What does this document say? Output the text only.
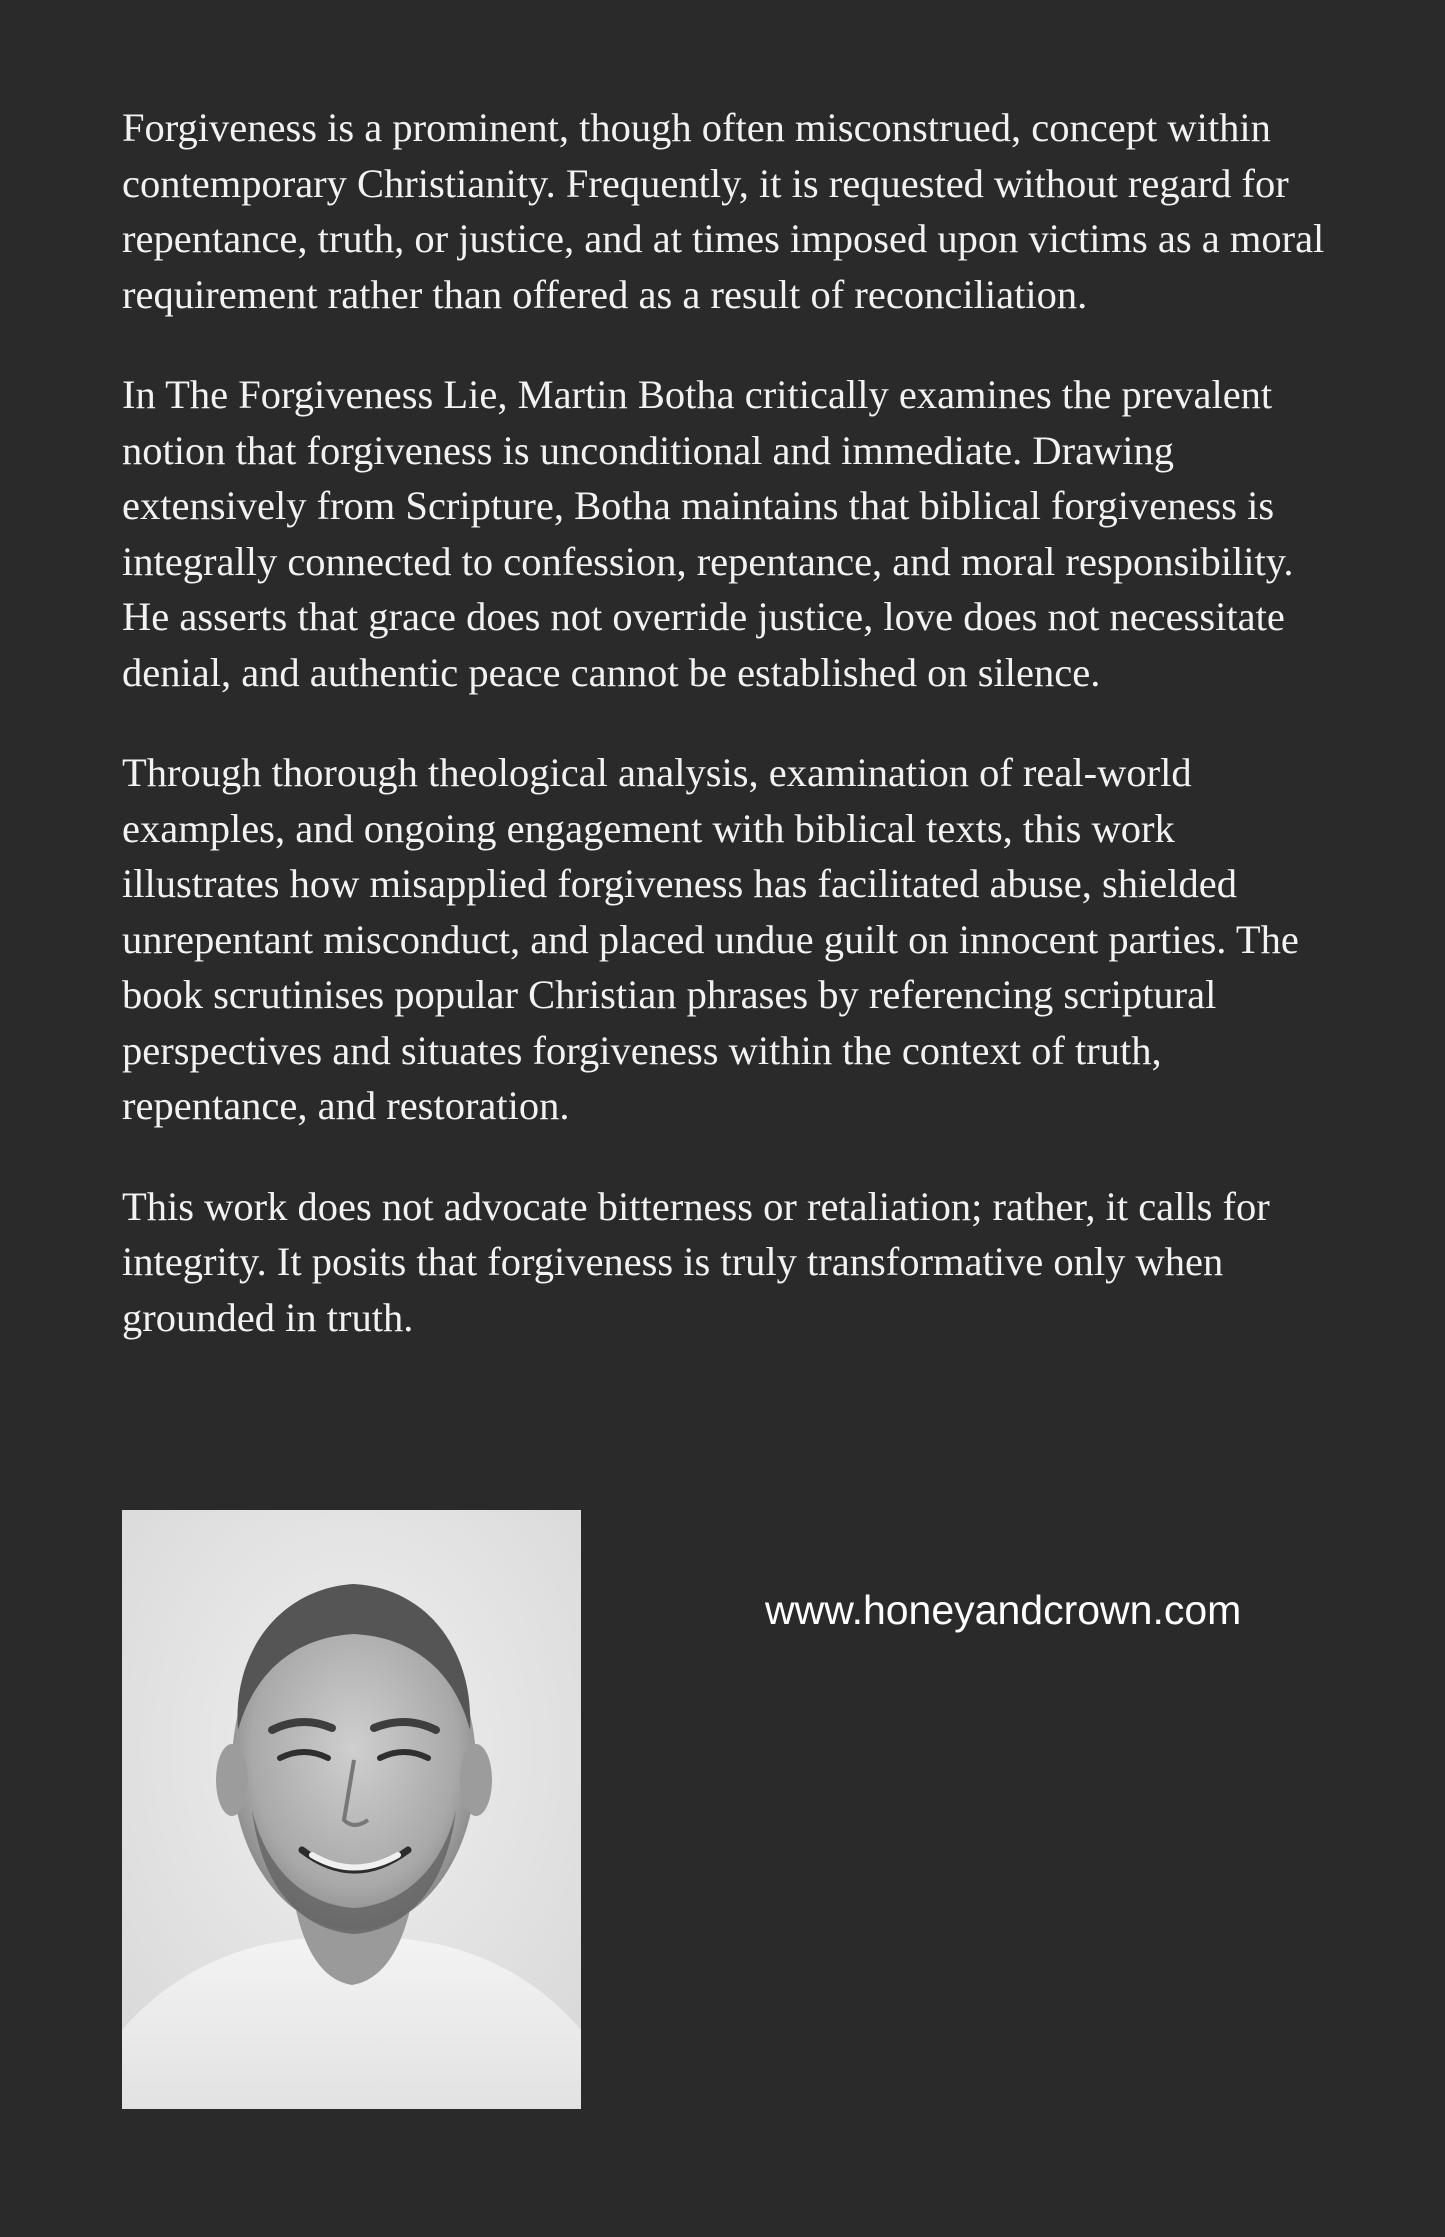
Forgiveness is a prominent, though often misconstrued, concept within contemporary Christianity. Frequently, it is requested without regard for repentance, truth, or justice, and at times imposed upon victims as a moral requirement rather than offered as a result of reconciliation.

In The Forgiveness Lie, Martin Botha critically examines the prevalent notion that forgiveness is unconditional and immediate. Drawing extensively from Scripture, Botha maintains that biblical forgiveness is integrally connected to confession, repentance, and moral responsibility. He asserts that grace does not override justice, love does not necessitate denial, and authentic peace cannot be established on silence.

Through thorough theological analysis, examination of real-world examples, and ongoing engagement with biblical texts, this work illustrates how misapplied forgiveness has facilitated abuse, shielded unrepentant misconduct, and placed undue guilt on innocent parties. The book scrutinises popular Christian phrases by referencing scriptural perspectives and situates forgiveness within the context of truth, repentance, and restoration.

This work does not advocate bitterness or retaliation; rather, it calls for integrity. It posits that forgiveness is truly transformative only when grounded in truth.

www.honeyandcrown.com
